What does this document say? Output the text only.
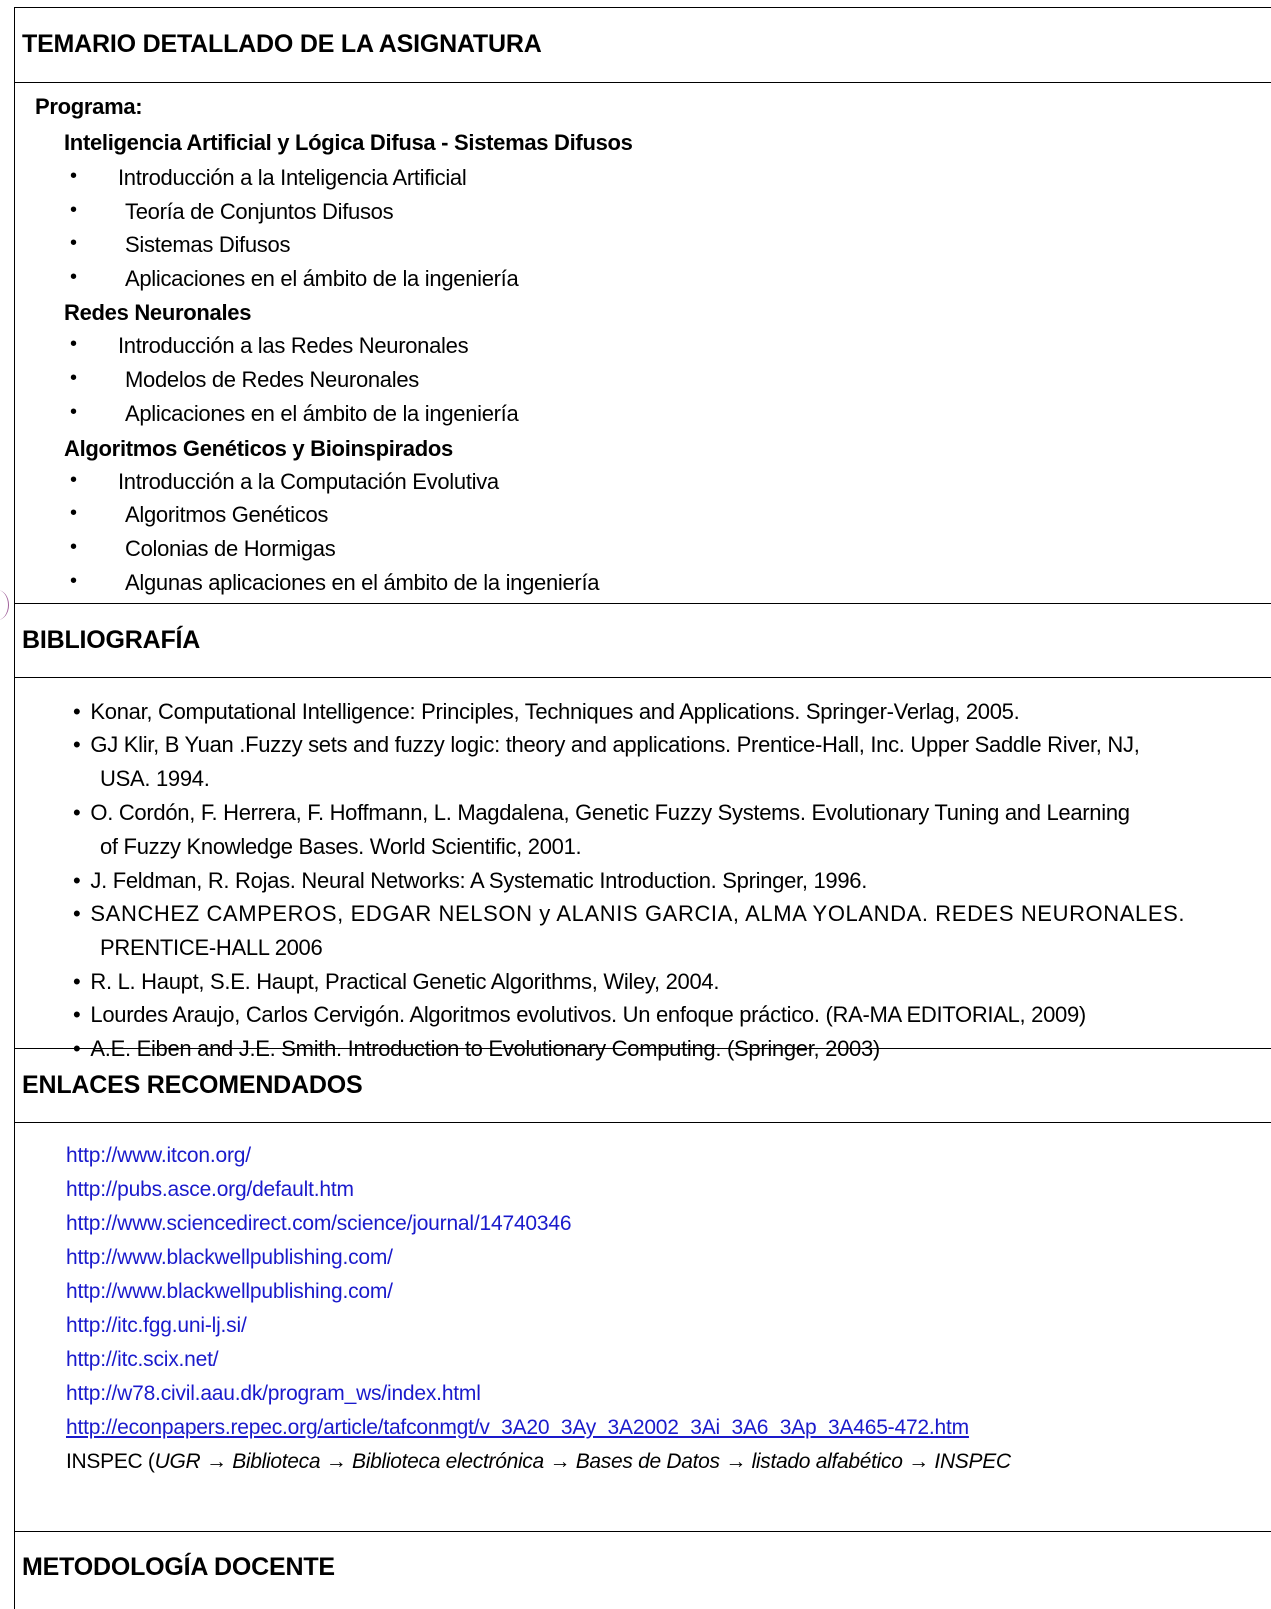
TEMARIO DETALLADO DE LA ASIGNATURA
Programa:
Inteligencia Artificial y Lógica Difusa - Sistemas Difusos
• Introducción a la Inteligencia Artificial
• Teoría de Conjuntos Difusos
• Sistemas Difusos
• Aplicaciones en el ámbito de la ingeniería
Redes Neuronales
• Introducción a las Redes Neuronales
• Modelos de Redes Neuronales
• Aplicaciones en el ámbito de la ingeniería
Algoritmos Genéticos y Bioinspirados
• Introducción a la Computación Evolutiva
• Algoritmos Genéticos
• Colonias de Hormigas
• Algunas aplicaciones en el ámbito de la ingeniería
BIBLIOGRAFÍA
• Konar, Computational Intelligence: Principles, Techniques and Applications. Springer-Verlag, 2005.
• GJ Klir, B Yuan .Fuzzy sets and fuzzy logic: theory and applications. Prentice-Hall, Inc. Upper Saddle River, NJ,
USA. 1994.
• O. Cordón, F. Herrera, F. Hoffmann, L. Magdalena, Genetic Fuzzy Systems. Evolutionary Tuning and Learning
of Fuzzy Knowledge Bases. World Scientific, 2001.
• J. Feldman, R. Rojas. Neural Networks: A Systematic Introduction. Springer, 1996.
• SANCHEZ CAMPEROS, EDGAR NELSON y ALANIS GARCIA, ALMA YOLANDA. REDES NEURONALES.
PRENTICE-HALL 2006
• R. L. Haupt, S.E. Haupt, Practical Genetic Algorithms, Wiley, 2004.
• Lourdes Araujo, Carlos Cervigón. Algoritmos evolutivos. Un enfoque práctico. (RA-MA EDITORIAL, 2009)
• A.E. Eiben and J.E. Smith. Introduction to Evolutionary Computing. (Springer, 2003)
ENLACES RECOMENDADOS
http://www.itcon.org/
http://pubs.asce.org/default.htm
http://www.sciencedirect.com/science/journal/14740346
http://www.blackwellpublishing.com/
http://www.blackwellpublishing.com/
http://itc.fgg.uni-lj.si/
http://itc.scix.net/
http://w78.civil.aau.dk/program_ws/index.html
http://econpapers.repec.org/article/tafconmgt/v_3A20_3Ay_3A2002_3Ai_3A6_3Ap_3A465-472.htm
INSPEC (UGR → Biblioteca → Biblioteca electrónica → Bases de Datos → listado alfabético → INSPEC
METODOLOGÍA DOCENTE
